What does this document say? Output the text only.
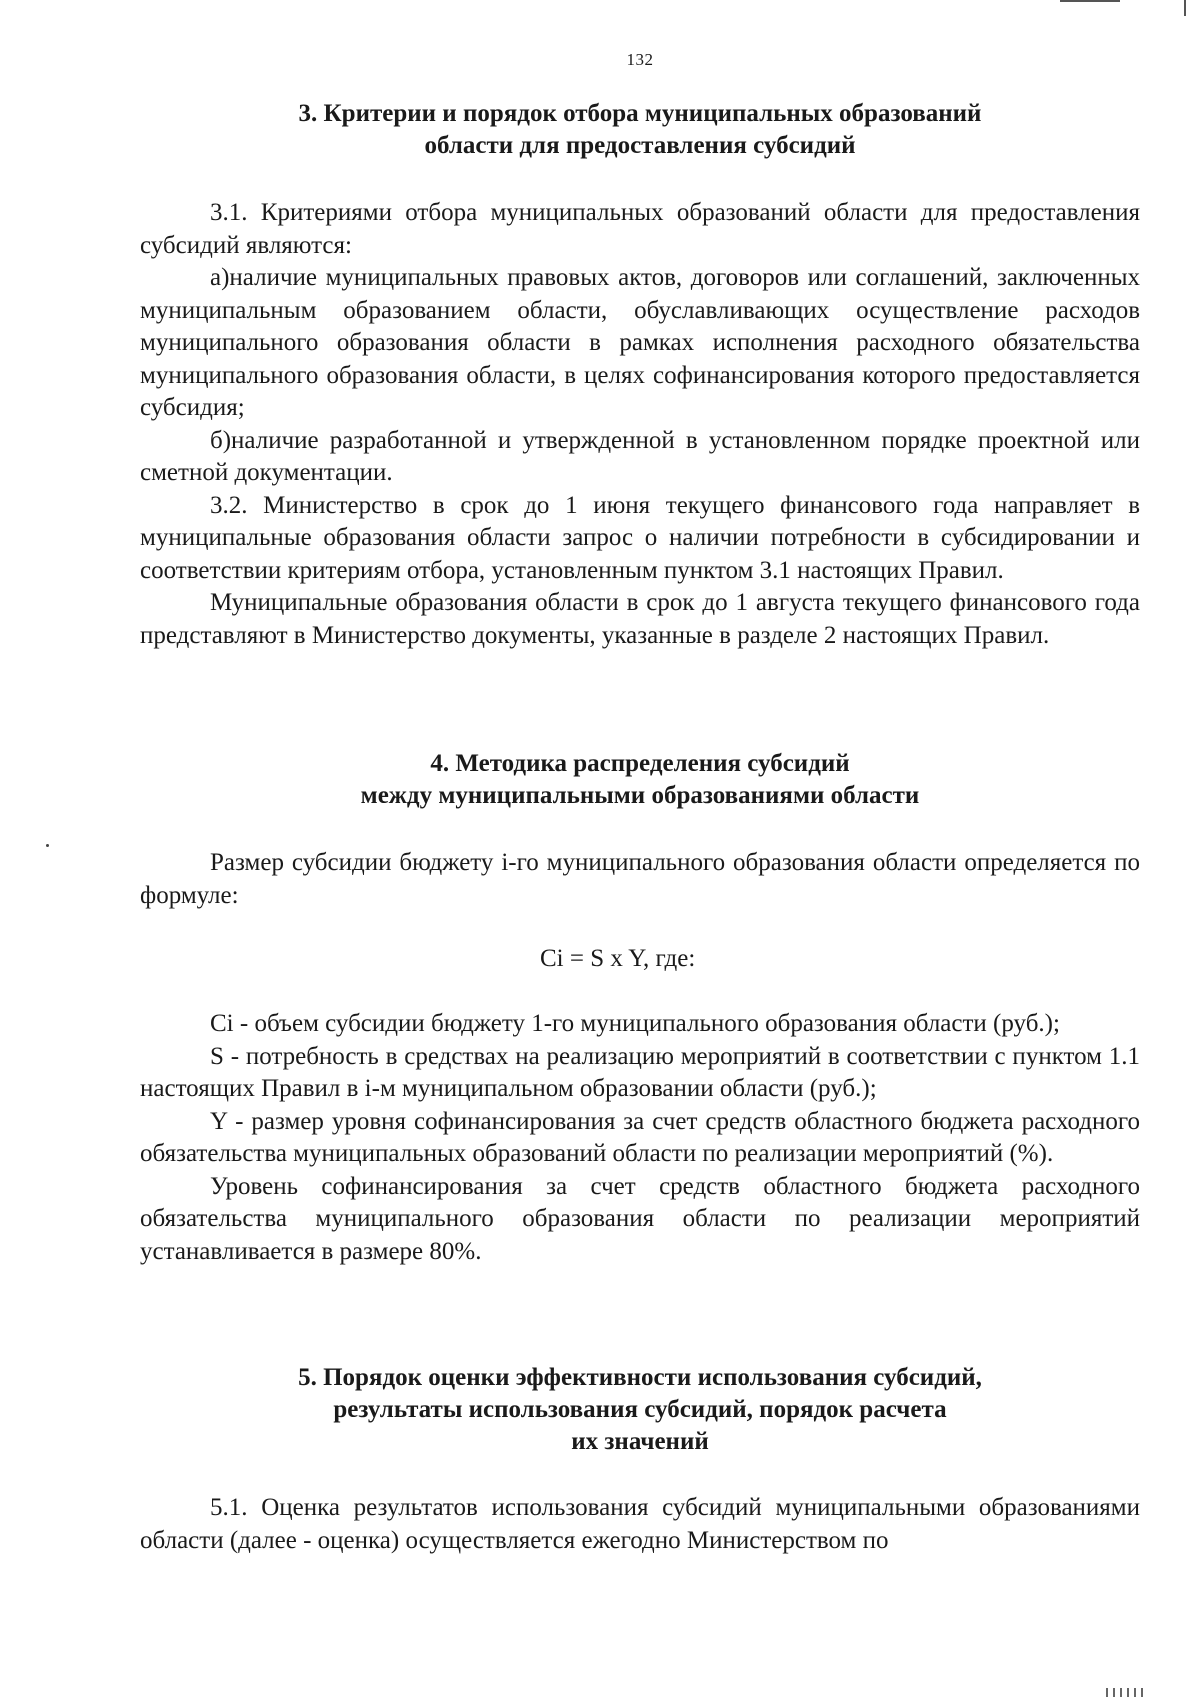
132

3. Критерии и порядок отбора муниципальных образований
области для предоставления субсидий

3.1. Критериями отбора муниципальных образований области для предоставления субсидий являются:

а)наличие муниципальных правовых актов, договоров или соглашений, заключенных муниципальным образованием области, обуславливающих осуществление расходов муниципального образования области в рамках исполнения расходного обязательства муниципального образования области, в целях софинансирования которого предоставляется субсидия;

б)наличие разработанной и утвержденной в установленном порядке проектной или сметной документации.

3.2. Министерство в срок до 1 июня текущего финансового года направляет в муниципальные образования области запрос о наличии потребности в субсидировании и соответствии критериям отбора, установленным пунктом 3.1 настоящих Правил.

Муниципальные образования области в срок до 1 августа текущего финансового года представляют в Министерство документы, указанные в разделе 2 настоящих Правил.

4. Методика распределения субсидий
между муниципальными образованиями области

Размер субсидии бюджету i-го муниципального образования области определяется по формуле:

Ci = S x Y, где:

Ci - объем субсидии бюджету 1-го муниципального образования области (руб.);

S - потребность в средствах на реализацию мероприятий в соответствии с пунктом 1.1 настоящих Правил в i-м муниципальном образовании области (руб.);

Y - размер уровня софинансирования за счет средств областного бюджета расходного обязательства муниципальных образований области по реализации мероприятий (%).

Уровень софинансирования за счет средств областного бюджета расходного обязательства муниципального образования области по реализации мероприятий устанавливается в размере 80%.

5. Порядок оценки эффективности использования субсидий,
результаты использования субсидий, порядок расчета
их значений

5.1. Оценка результатов использования субсидий муниципальными образованиями области (далее - оценка) осуществляется ежегодно Министерством по
